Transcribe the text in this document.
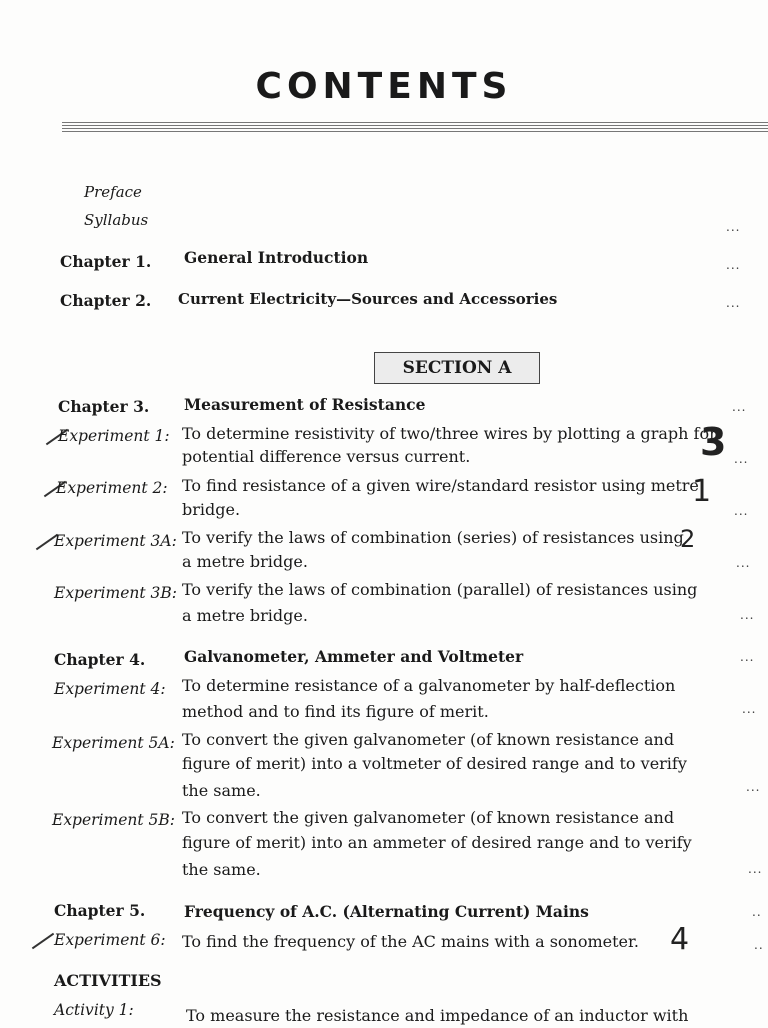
CONTENTS
Preface
Syllabus	...
Chapter 1. General Introduction	...
Chapter 2. Current Electricity—Sources and Accessories	...
SECTION A
Chapter 3. Measurement of Resistance	...
Experiment 1: To determine resistivity of two/three wires by plotting a graph for
potential difference versus current.	...
3
Experiment 2: To find resistance of a given wire/standard resistor using metre
bridge.	...
1
Experiment 3A: To verify the laws of combination (series) of resistances using
a metre bridge.	...
2
Experiment 3B: To verify the laws of combination (parallel) of resistances using
a metre bridge.	...
Chapter 4. Galvanometer, Ammeter and Voltmeter	...
Experiment 4: To determine resistance of a galvanometer by half-deflection
method and to find its figure of merit.	...
Experiment 5A: To convert the given galvanometer (of known resistance and
figure of merit) into a voltmeter of desired range and to verify
the same.	...
Experiment 5B: To convert the given galvanometer (of known resistance and
figure of merit) into an ammeter of desired range and to verify
the same.	...
Chapter 5. Frequency of A.C. (Alternating Current) Mains	..
Experiment 6: To find the frequency of the AC mains with a sonometer.	..
4
ACTIVITIES
Activity 1:	To measure the resistance and impedance of an inductor with
